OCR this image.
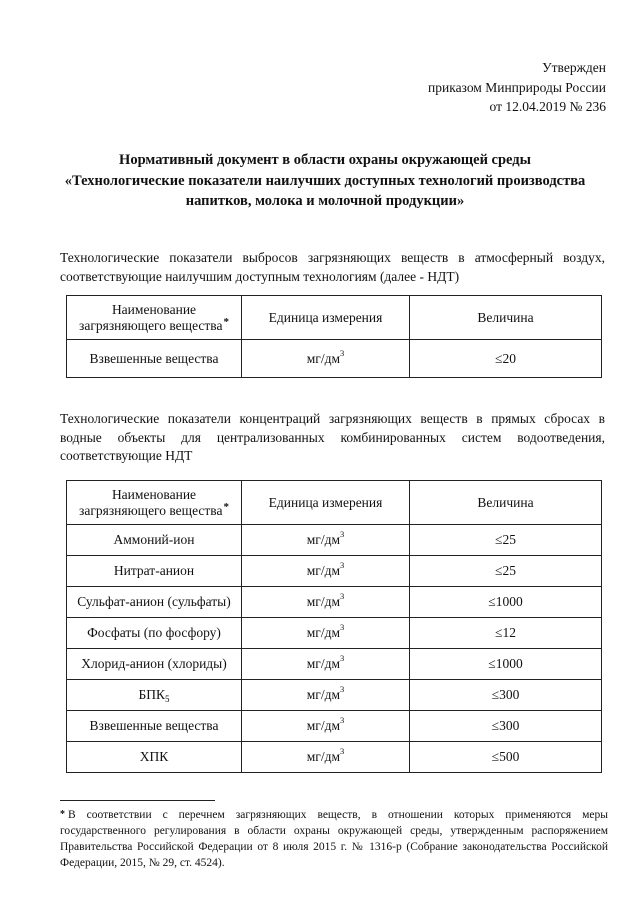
Утвержден
приказом Минприроды России
от 12.04.2019 № 236
Нормативный документ в области охраны окружающей среды
«Технологические показатели наилучших доступных технологий производства
напитков, молока и молочной продукции»
Технологические показатели выбросов загрязняющих веществ в атмосферный воздух, соответствующие наилучшим доступным технологиям (далее - НДТ)
Наименование загрязняющего вещества*	Единица измерения	Величина
Взвешенные вещества	$мг/дм^3$	≤20
Технологические показатели концентраций загрязняющих веществ в прямых сбросах в водные объекты для централизованных комбинированных систем водоотведения, соответствующие НДТ
Наименование загрязняющего вещества*	Единица измерения	Величина
Аммоний-ион	$мг/дм^3$	≤25
Нитрат-анион	$мг/дм^3$	≤25
Сульфат-анион (сульфаты)	$мг/дм^3$	≤1000
Фосфаты (по фосфору)	$мг/дм^3$	≤12
Хлорид-анион (хлориды)	$мг/дм^3$	≤1000
$БПК_5$	$мг/дм^3$	≤300
Взвешенные вещества	$мг/дм^3$	≤300
ХПК	$мг/дм^3$	≤500
* В соответствии с перечнем загрязняющих веществ, в отношении которых применяются меры государственного регулирования в области охраны окружающей среды, утвержденным распоряжением Правительства Российской Федерации от 8 июля 2015 г. № 1316-р (Собрание законодательства Российской Федерации, 2015, № 29, ст. 4524).
